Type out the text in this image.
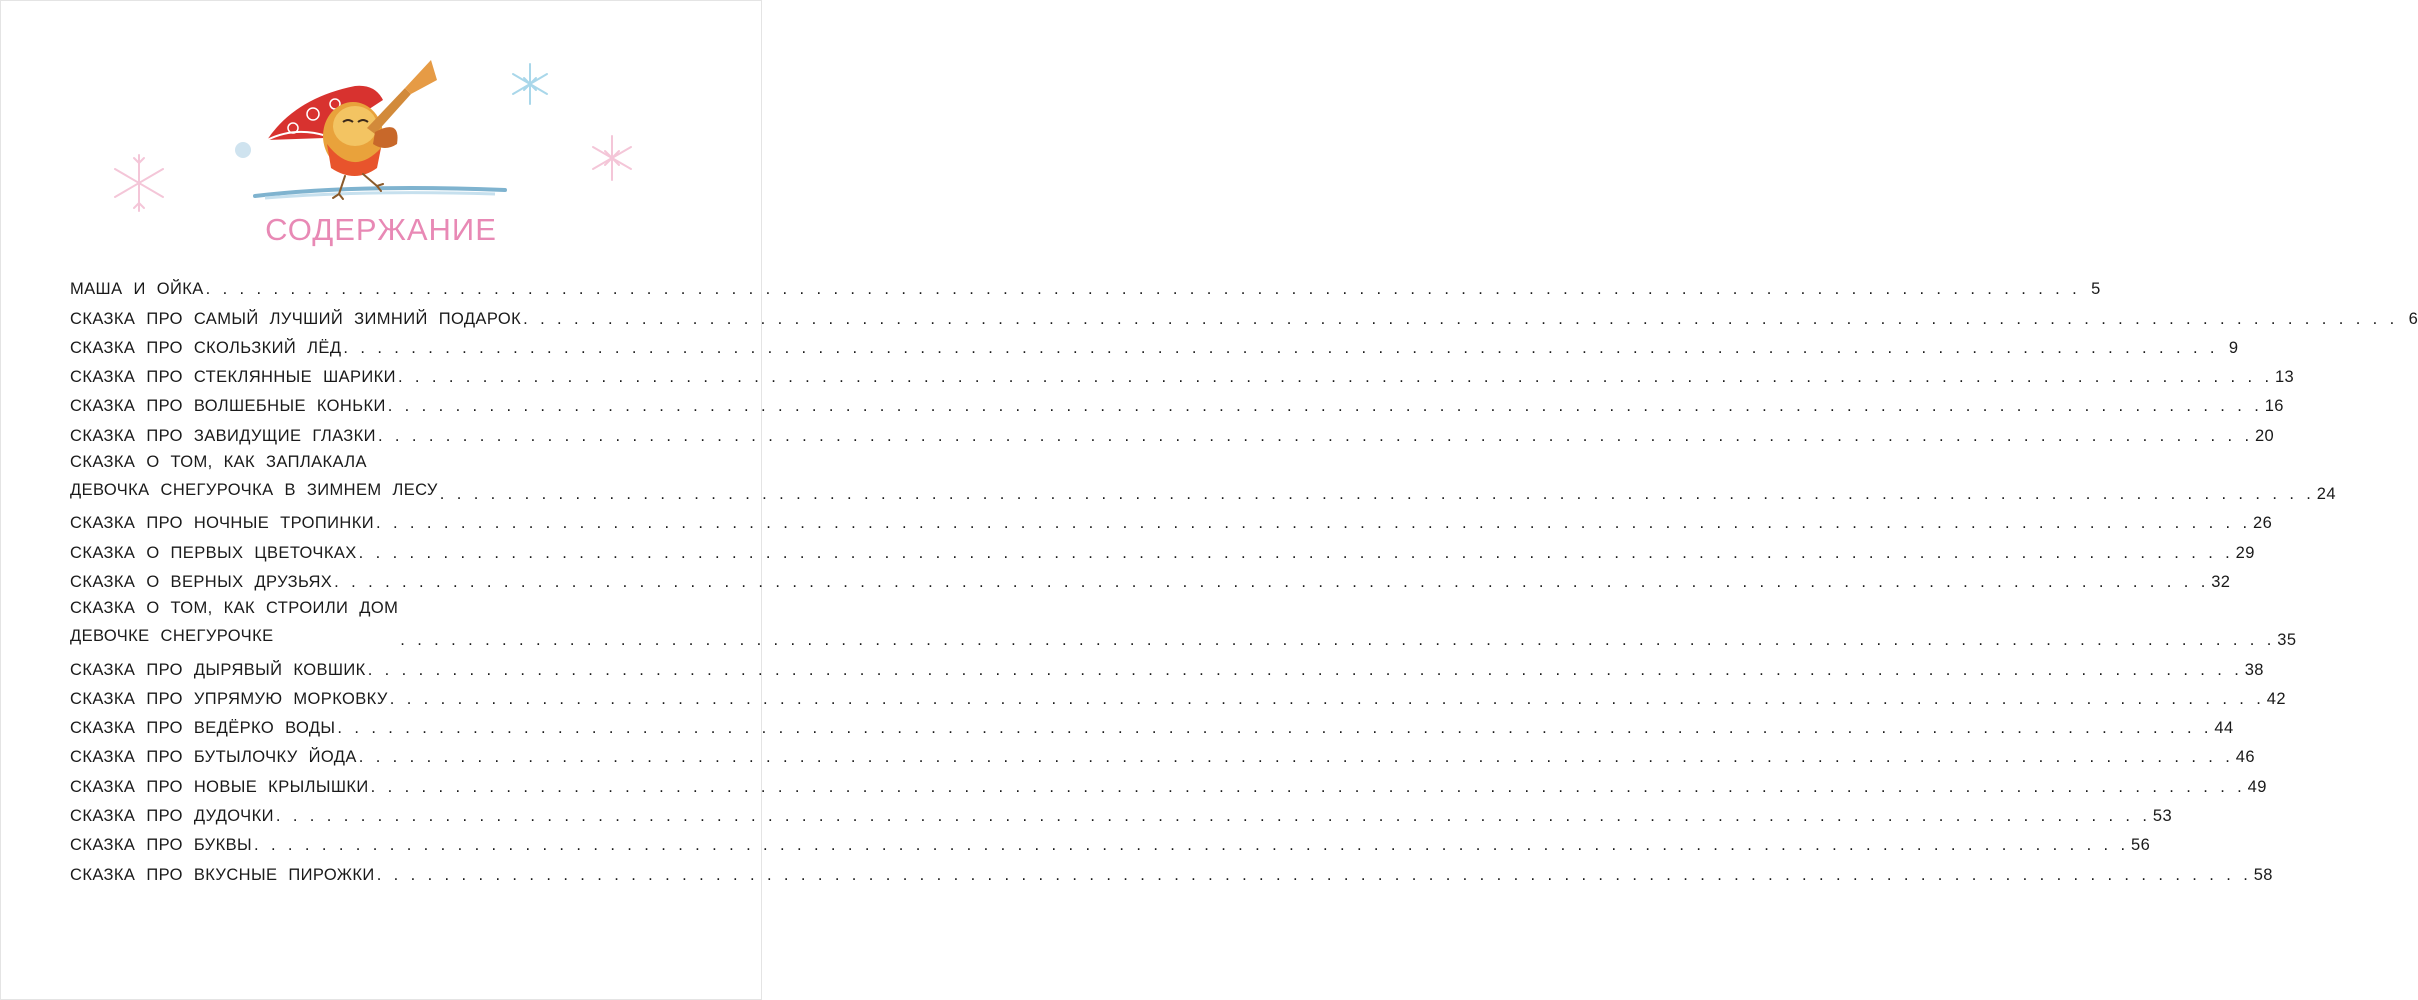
СОДЕРЖАНИЕ
МАША И ОЙКА . . . . . . . . . . . . . . . . . . . . . . . . . . . . . . . . . . . . . . . . . . . . . . . . . . . . . . . . . . . . . . . . . . . . . . . . . . . . . . . . . . . . . . . . . . . . . . . . . . . . . . . . . . . . . . . 5
СКАЗКА ПРО САМЫЙ ЛУЧШИЙ ЗИМНИЙ ПОДАРОК . . . . . . . . . . . . . . . . . . . . . . . . . . . . . . . . . . . . . . . . . . . . . . . . . . . . . . . . . . . . . . . . . . . . . . . . . . . . . . . . . . . . . . . . . . . . . . . . . . . . . . . . . . . . . . . 6
СКАЗКА ПРО СКОЛЬЗКИЙ ЛЁД . . . . . . . . . . . . . . . . . . . . . . . . . . . . . . . . . . . . . . . . . . . . . . . . . . . . . . . . . . . . . . . . . . . . . . . . . . . . . . . . . . . . . . . . . . . . . . . . . . . . . . . . . . . . . . . 9
СКАЗКА ПРО СТЕКЛЯННЫЕ ШАРИКИ . . . . . . . . . . . . . . . . . . . . . . . . . . . . . . . . . . . . . . . . . . . . . . . . . . . . . . . . . . . . . . . . . . . . . . . . . . . . . . . . . . . . . . . . . . . . . . . . . . . . . . . . . . . . . . . 13
СКАЗКА ПРО ВОЛШЕБНЫЕ КОНЬКИ . . . . . . . . . . . . . . . . . . . . . . . . . . . . . . . . . . . . . . . . . . . . . . . . . . . . . . . . . . . . . . . . . . . . . . . . . . . . . . . . . . . . . . . . . . . . . . . . . . . . . . . . . . . . . . . 16
СКАЗКА ПРО ЗАВИДУЩИЕ ГЛАЗКИ . . . . . . . . . . . . . . . . . . . . . . . . . . . . . . . . . . . . . . . . . . . . . . . . . . . . . . . . . . . . . . . . . . . . . . . . . . . . . . . . . . . . . . . . . . . . . . . . . . . . . . . . . . . . . . . 20
СКАЗКА О ТОМ, КАК ЗАПЛАКАЛА
ДЕВОЧКА СНЕГУРОЧКА В ЗИМНЕМ ЛЕСУ . . . . . . . . . . . . . . . . . . . . . . . . . . . . . . . . . . . . . . . . . . . . . . . . . . . . . . . . . . . . . . . . . . . . . . . . . . . . . . . . . . . . . . . . . . . . . . . . . . . . . . . . . . . . . . . 24
СКАЗКА ПРО НОЧНЫЕ ТРОПИНКИ . . . . . . . . . . . . . . . . . . . . . . . . . . . . . . . . . . . . . . . . . . . . . . . . . . . . . . . . . . . . . . . . . . . . . . . . . . . . . . . . . . . . . . . . . . . . . . . . . . . . . . . . . . . . . . . 26
СКАЗКА О ПЕРВЫХ ЦВЕТОЧКАХ . . . . . . . . . . . . . . . . . . . . . . . . . . . . . . . . . . . . . . . . . . . . . . . . . . . . . . . . . . . . . . . . . . . . . . . . . . . . . . . . . . . . . . . . . . . . . . . . . . . . . . . . . . . . . . . 29
СКАЗКА О ВЕРНЫХ ДРУЗЬЯХ . . . . . . . . . . . . . . . . . . . . . . . . . . . . . . . . . . . . . . . . . . . . . . . . . . . . . . . . . . . . . . . . . . . . . . . . . . . . . . . . . . . . . . . . . . . . . . . . . . . . . . . . . . . . . . . 32
СКАЗКА О ТОМ, КАК СТРОИЛИ ДОМ
ДЕВОЧКЕ СНЕГУРОЧКЕ	. . . . . . . . . . . . . . . . . . . . . . . . . . . . . . . . . . . . . . . . . . . . . . . . . . . . . . . . . . . . . . . . . . . . . . . . . . . . . . . . . . . . . . . . . . . . . . . . . . . . . . . . . . . . . . . 35
СКАЗКА ПРО ДЫРЯВЫЙ КОВШИК . . . . . . . . . . . . . . . . . . . . . . . . . . . . . . . . . . . . . . . . . . . . . . . . . . . . . . . . . . . . . . . . . . . . . . . . . . . . . . . . . . . . . . . . . . . . . . . . . . . . . . . . . . . . . . . 38
СКАЗКА ПРО УПРЯМУЮ МОРКОВКУ . . . . . . . . . . . . . . . . . . . . . . . . . . . . . . . . . . . . . . . . . . . . . . . . . . . . . . . . . . . . . . . . . . . . . . . . . . . . . . . . . . . . . . . . . . . . . . . . . . . . . . . . . . . . . . . 42
СКАЗКА ПРО ВЕДЁРКО ВОДЫ . . . . . . . . . . . . . . . . . . . . . . . . . . . . . . . . . . . . . . . . . . . . . . . . . . . . . . . . . . . . . . . . . . . . . . . . . . . . . . . . . . . . . . . . . . . . . . . . . . . . . . . . . . . . . . . 44
СКАЗКА ПРО БУТЫЛОЧКУ ЙОДА . . . . . . . . . . . . . . . . . . . . . . . . . . . . . . . . . . . . . . . . . . . . . . . . . . . . . . . . . . . . . . . . . . . . . . . . . . . . . . . . . . . . . . . . . . . . . . . . . . . . . . . . . . . . . . . 46
СКАЗКА ПРО НОВЫЕ КРЫЛЫШКИ . . . . . . . . . . . . . . . . . . . . . . . . . . . . . . . . . . . . . . . . . . . . . . . . . . . . . . . . . . . . . . . . . . . . . . . . . . . . . . . . . . . . . . . . . . . . . . . . . . . . . . . . . . . . . . . 49
СКАЗКА ПРО ДУДОЧКИ . . . . . . . . . . . . . . . . . . . . . . . . . . . . . . . . . . . . . . . . . . . . . . . . . . . . . . . . . . . . . . . . . . . . . . . . . . . . . . . . . . . . . . . . . . . . . . . . . . . . . . . . . . . . . . . 53
СКАЗКА ПРО БУКВЫ . . . . . . . . . . . . . . . . . . . . . . . . . . . . . . . . . . . . . . . . . . . . . . . . . . . . . . . . . . . . . . . . . . . . . . . . . . . . . . . . . . . . . . . . . . . . . . . . . . . . . . . . . . . . . . . 56
СКАЗКА ПРО ВКУСНЫЕ ПИРОЖКИ . . . . . . . . . . . . . . . . . . . . . . . . . . . . . . . . . . . . . . . . . . . . . . . . . . . . . . . . . . . . . . . . . . . . . . . . . . . . . . . . . . . . . . . . . . . . . . . . . . . . . . . . . . . . . . . 58
